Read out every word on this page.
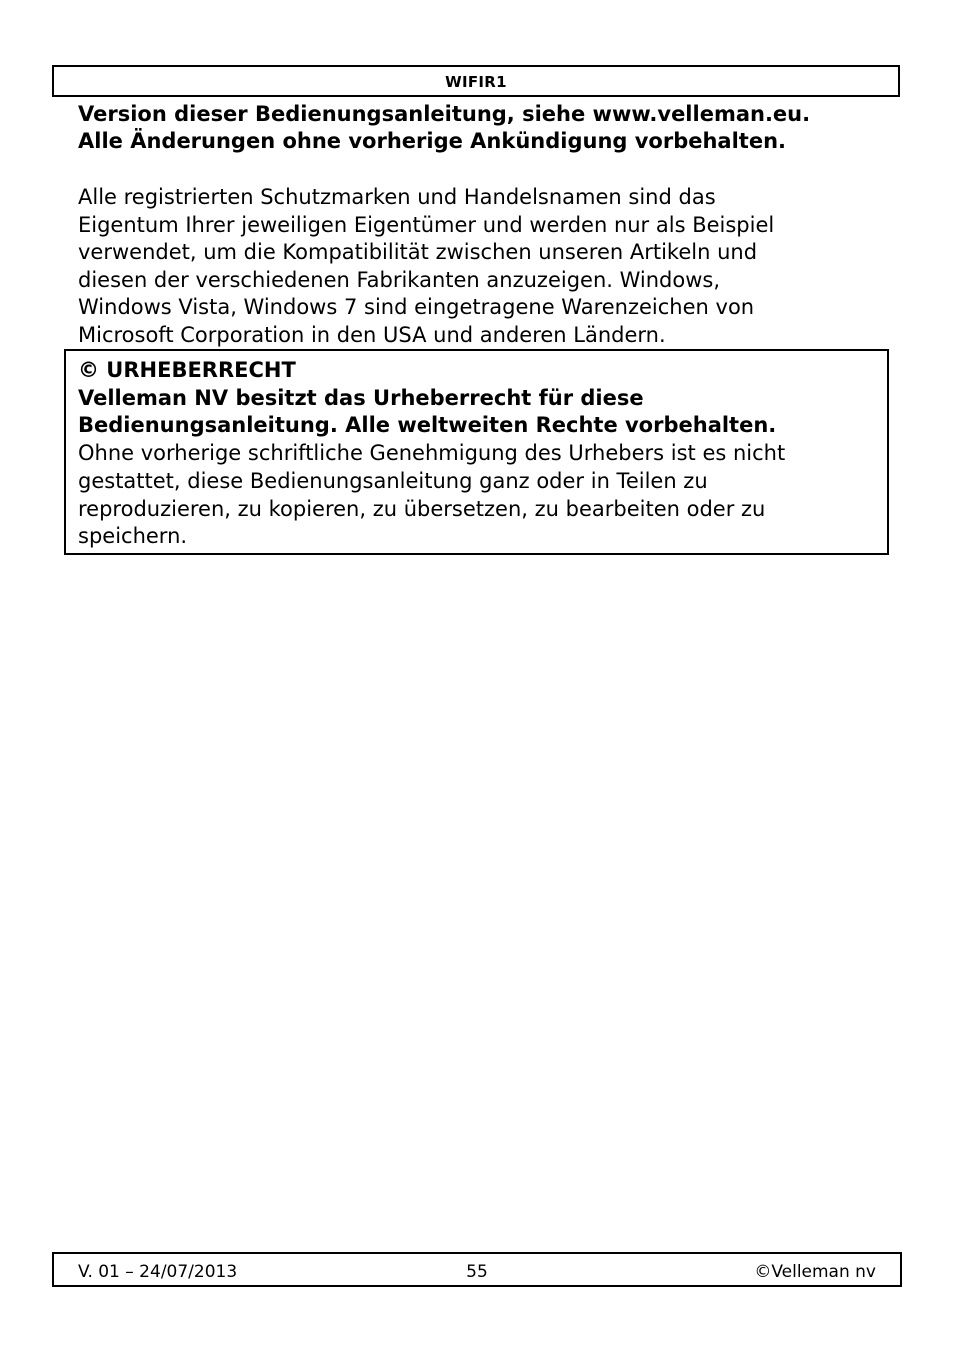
WIFIR1

Version dieser Bedienungsanleitung, siehe www.velleman.eu.
Alle Änderungen ohne vorherige Ankündigung vorbehalten.

Alle registrierten Schutzmarken und Handelsnamen sind das
Eigentum Ihrer jeweiligen Eigentümer und werden nur als Beispiel
verwendet, um die Kompatibilität zwischen unseren Artikeln und
diesen der verschiedenen Fabrikanten anzuzeigen. Windows,
Windows Vista, Windows 7 sind eingetragene Warenzeichen von
Microsoft Corporation in den USA und anderen Ländern.

© URHEBERRECHT

Velleman NV besitzt das Urheberrecht für diese
Bedienungsanleitung. Alle weltweiten Rechte vorbehalten.

Ohne vorherige schriftliche Genehmigung des Urhebers ist es nicht
gestattet, diese Bedienungsanleitung ganz oder in Teilen zu
reproduzieren, zu kopieren, zu übersetzen, zu bearbeiten oder zu
speichern.

V. 01 – 24/07/2013	55	©Velleman nv
